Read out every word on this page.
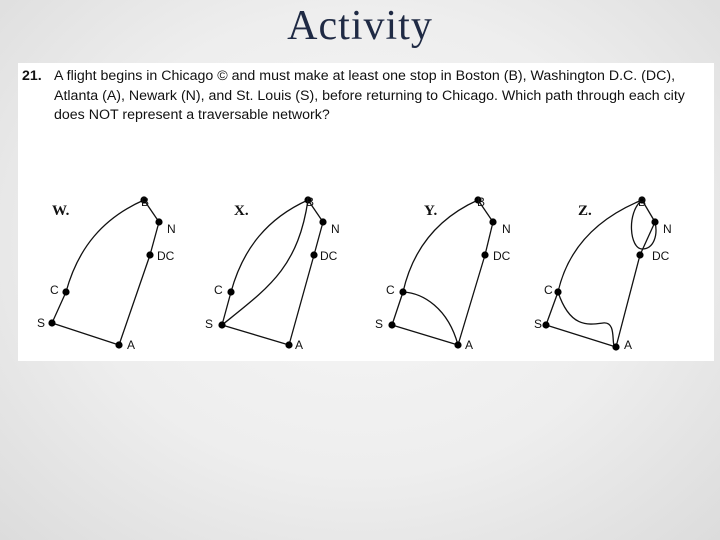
Activity
21. A flight begins in Chicago © and must make at least one stop in Boston (B), Washington D.C. (DC), Atlanta (A), Newark (N), and St. Louis (S), before returning to Chicago. Which path through each city does NOT represent a traversable network?
W.
B
N
DC
C
S
A
X.
B
N
DC
C
S
A
Y.
B
N
DC
C
S
A
Z.
B
N
DC
C
S
A
